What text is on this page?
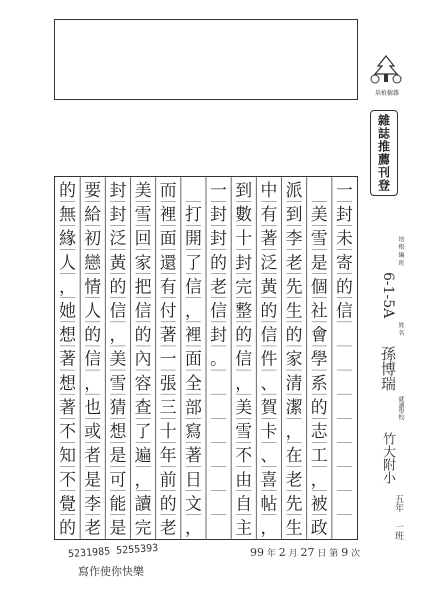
培植樹雜
雜誌推薦刊登
一
封
未
寄
的
信

美
雪
是
個
社
會
學
系
的
志
工
，
被
政
派
到
李
老
先
生
的
家
清
潔
，
在
老
先
生
中
有
著
泛
黃
的
信
件
、
賀
卡
、
喜
帖
，
到
數
十
封
完
整
的
信
，
美
雪
不
由
自
主
一
封
封
的
老
信
封
。

打
開
了
信
，
裡
面
全
部
寫
著
日
文
，
而
裡
面
還
有
付
著
一
張
三
十
年
前
的
老
美
雪
回
家
把
信
的
內
容
查
了
遍
，
讀
完
封
封
泛
黃
的
信
，
美
雪
猜
想
是
可
能
是
要
給
初
戀
情
人
的
信
，
也
或
者
是
李
老
的
無
緣
人
，
她
想
著
想
著
不
知
不
覺
的
培 根 編 班
6-1-5A
姓 名
孫博瑞
就讀學校
竹大附小
五年
一班
5231985 5255393
寫作使你快樂
99 年 2 月 27 日 第 9 次
